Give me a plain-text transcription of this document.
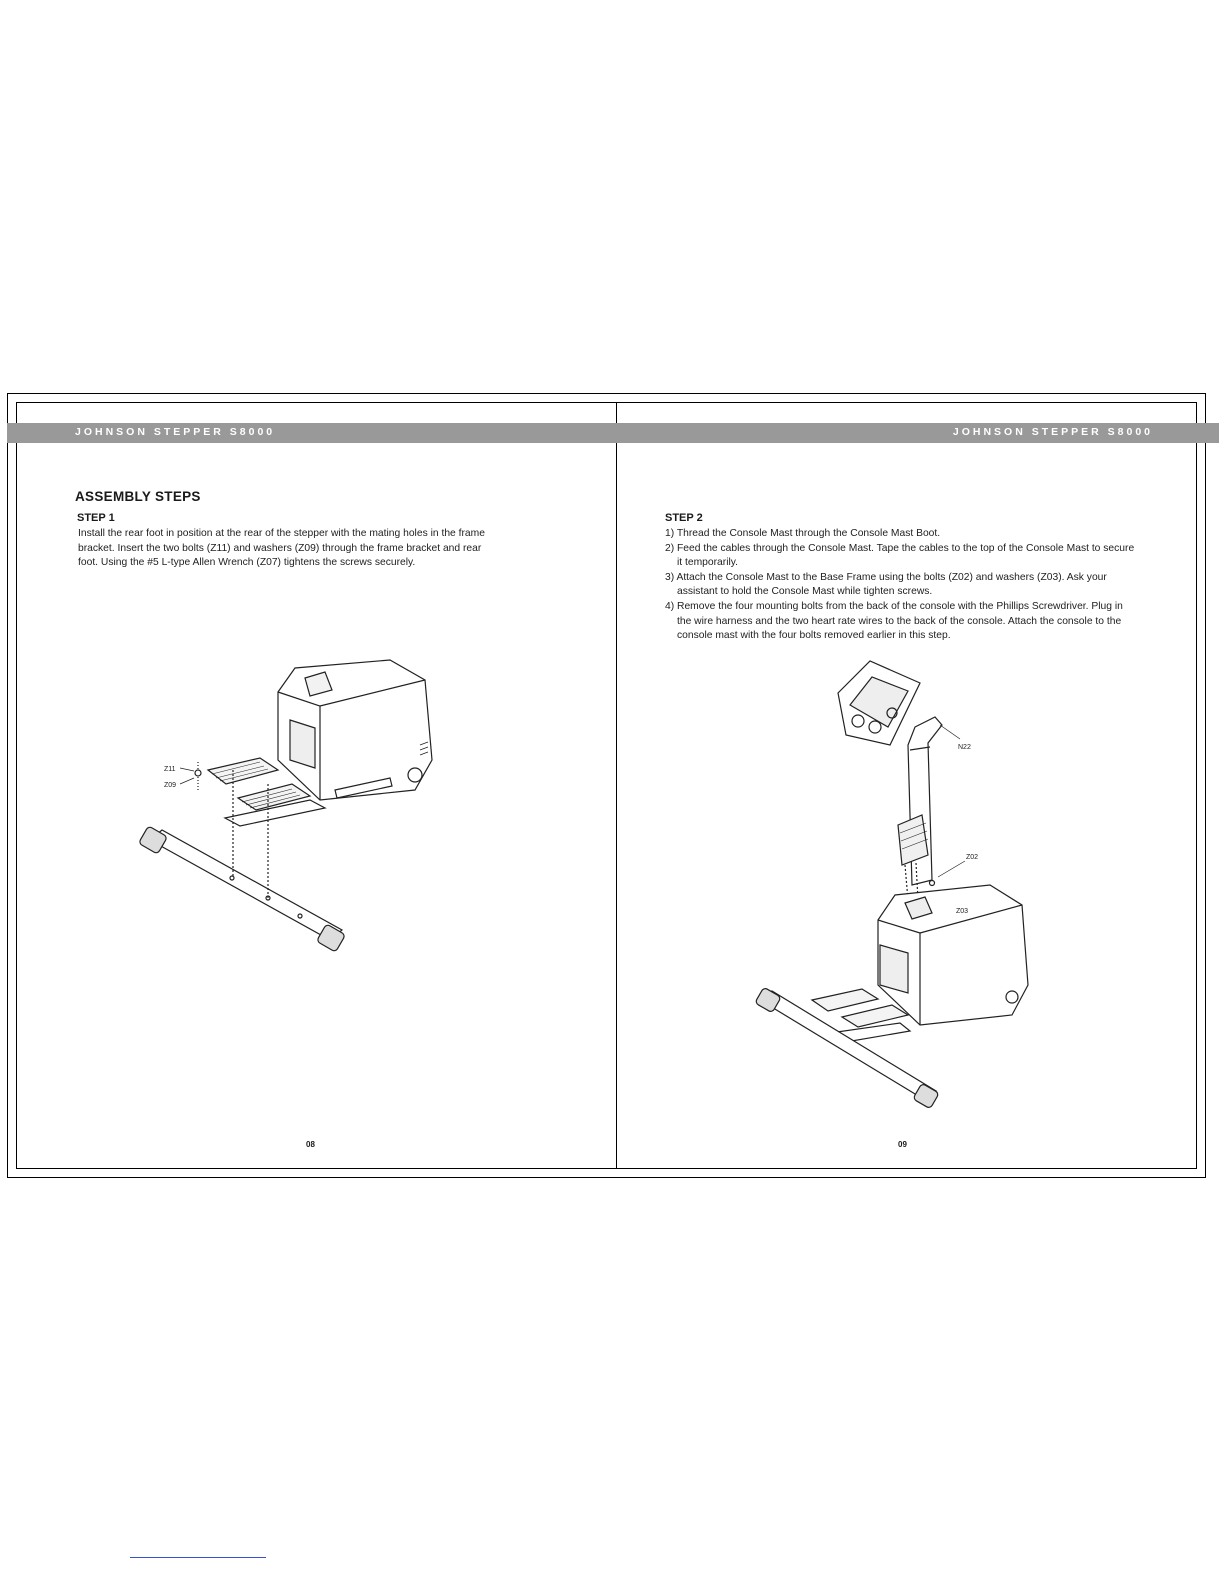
JOHNSON STEPPER S8000	JOHNSON STEPPER S8000
ASSEMBLY STEPS
STEP 1

Install the rear foot in position at the rear of the stepper with the mating holes in the frame

bracket. Insert the two bolts (Z11) and washers (Z09) through the frame bracket and rear

foot. Using the #5 L-type Allen Wrench (Z07) tightens the screws securely.

Z11
Z09
08
STEP 2

1) Thread the Console Mast through the Console Mast Boot.

2) Feed the cables through the Console Mast. Tape the cables to the top of the Console Mast to secure it temporarily.

3) Attach the Console Mast to the Base Frame using the bolts (Z02) and washers (Z03). Ask your assistant to hold the Console Mast while tighten screws.

4) Remove the four mounting bolts from the back of the console with the Phillips Screwdriver. Plug in the wire harness and the two heart rate wires to the back of the console. Attach the console to the console mast with the four bolts removed earlier in this step.

N22
Z02
Z03
09
